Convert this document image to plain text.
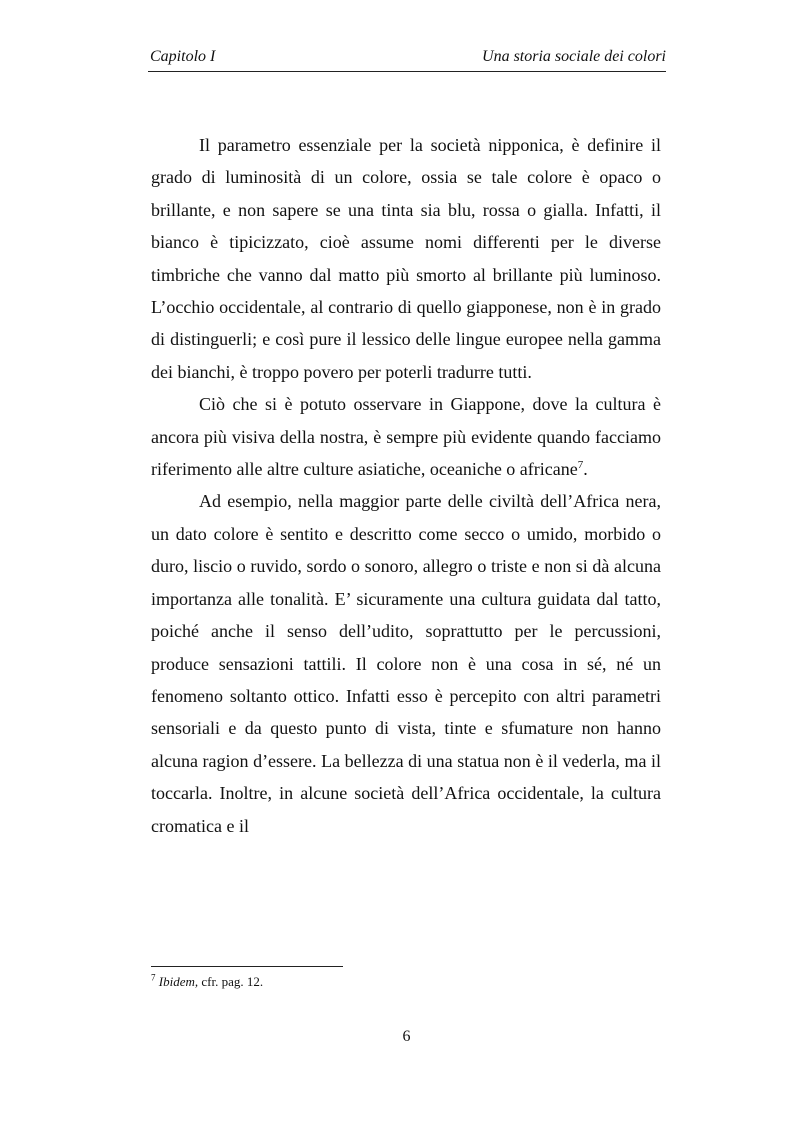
Capitolo I	Una storia sociale dei colori

Il parametro essenziale per la società nipponica, è definire il grado di luminosità di un colore, ossia se tale colore è opaco o brillante, e non sapere se una tinta sia blu, rossa o gialla. Infatti, il bianco è tipicizzato, cioè assume nomi differenti per le diverse timbriche che vanno dal matto più smorto al brillante più luminoso. L’occhio occidentale, al contrario di quello giapponese, non è in grado di distinguerli; e così pure il lessico delle lingue europee nella gamma dei bianchi, è troppo povero per poterli tradurre tutti.

Ciò che si è potuto osservare in Giappone, dove la cultura è ancora più visiva della nostra, è sempre più evidente quando facciamo riferimento alle altre culture asiatiche, oceaniche o africane$^7$.

Ad esempio, nella maggior parte delle civiltà dell’Africa nera, un dato colore è sentito e descritto come secco o umido, morbido o duro, liscio o ruvido, sordo o sonoro, allegro o triste e non si dà alcuna importanza alle tonalità. E’ sicuramente una cultura guidata dal tatto, poiché anche il senso dell’udito, soprattutto per le percussioni, produce sensazioni tattili. Il colore non è una cosa in sé, né un fenomeno soltanto ottico. Infatti esso è percepito con altri parametri sensoriali e da questo punto di vista, tinte e sfumature non hanno alcuna ragion d’essere. La bellezza di una statua non è il vederla, ma il toccarla. Inoltre, in alcune società dell’Africa occidentale, la cultura cromatica e il

$^7$ Ibidem, cfr. pag. 12.
6
